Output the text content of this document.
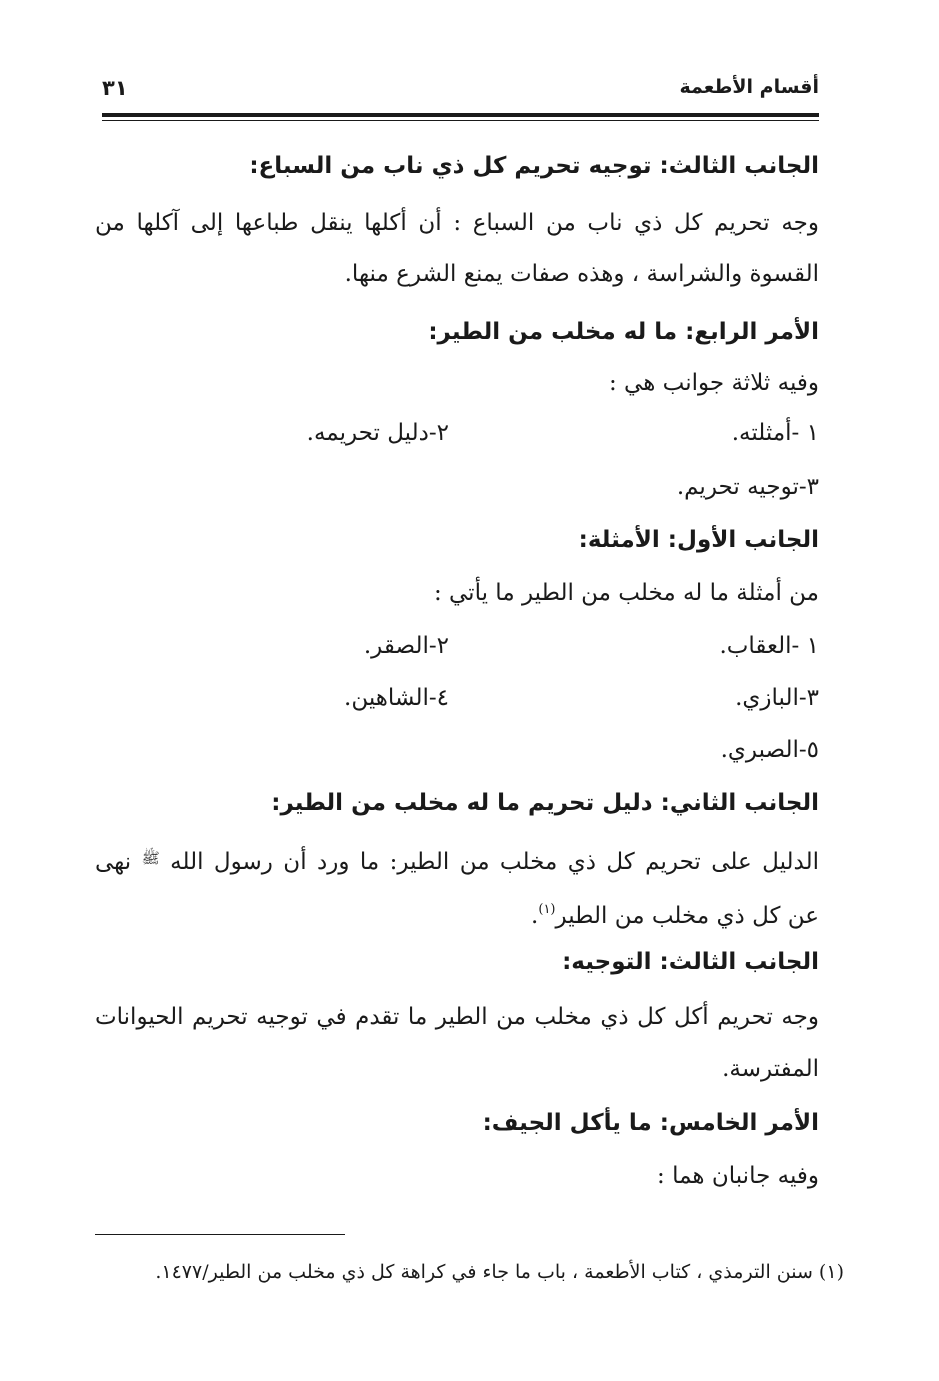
أقسام الأطعمة
٣١
الجانب الثالث: توجيه تحريم كل ذي ناب من السباع:
وجه تحريم كل ذي ناب من السباع : أن أكلها ينقل طباعها إلى آكلها من
القسوة والشراسة ، وهذه صفات يمنع الشرع منها.
الأمر الرابع: ما له مخلب من الطير:
وفيه ثلاثة جوانب هي :
١ -أمثلته.
٢-دليل تحريمه.
٣-توجيه تحريم.
الجانب الأول: الأمثلة:
من أمثلة ما له مخلب من الطير ما يأتي :
١ -العقاب.
٢-الصقر.
٣-البازي.
٤-الشاهين.
٥-الصبري.
الجانب الثاني: دليل تحريم ما له مخلب من الطير:
الدليل على تحريم كل ذي مخلب من الطير: ما ورد أن رسول الله $^ﷺ$ نهى
عن كل ذي مخلب من الطير$^{(١)}$.
الجانب الثالث: التوجيه:
وجه تحريم أكل كل ذي مخلب من الطير ما تقدم في توجيه تحريم الحيوانات
المفترسة.
الأمر الخامس: ما يأكل الجيف:
وفيه جانبان هما :
(١) سنن الترمذي ، كتاب الأطعمة ، باب ما جاء في كراهة كل ذي مخلب من الطير/١٤٧٧.
